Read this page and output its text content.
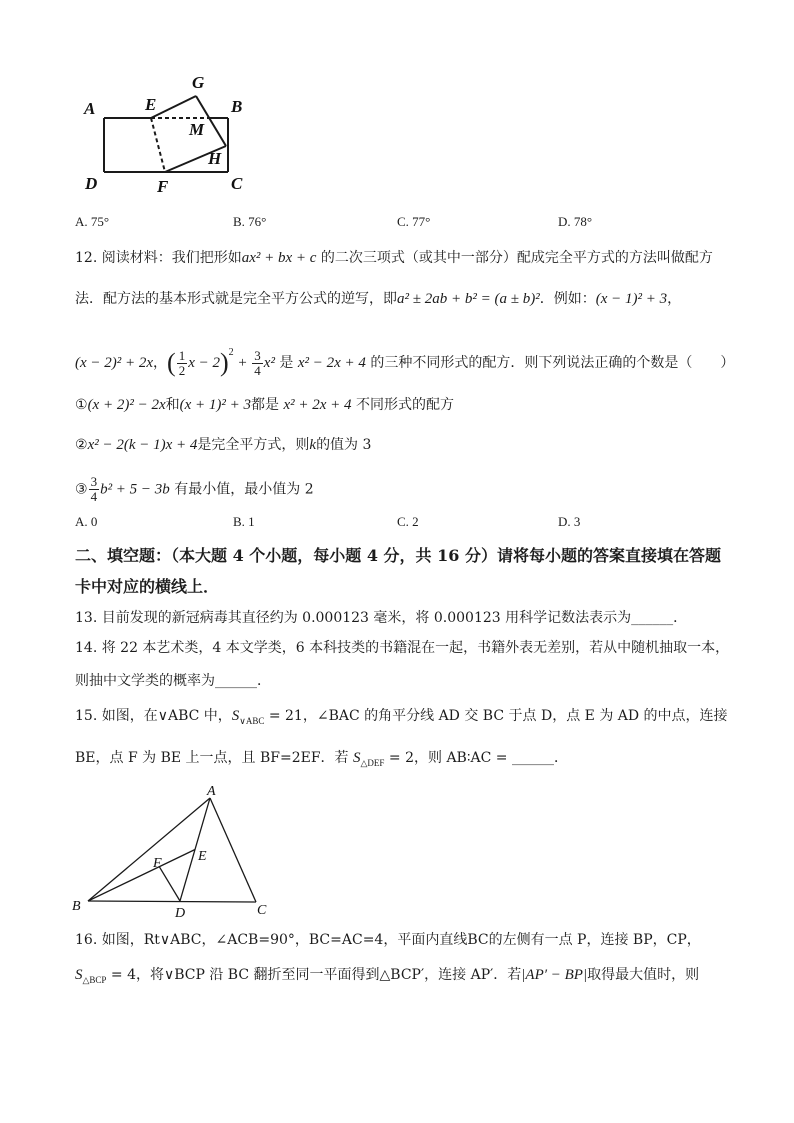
A	E
G
B
M
H
D	F	C
A. 75°	B. 76°	C. 77°	D. 78°
12. 阅读材料：我们把形如ax² + bx + c 的二次三项式（或其中一部分）配成完全平方式的方法叫做配方
法．配方法的基本形式就是完全平方公式的逆写，即a² ± 2ab + b² = (a ± b)²．例如：(x − 1)² + 3，
(x − 2)² + 2x，( $\frac{1}{2}$ $x - 2)^2 + \frac{3}{4} x^2$ 是 x² − 2x + 4 的三种不同形式的配方．则下列说法正确的个数是（　　）
①(x + 2)² − 2x和(x + 1)² + 3都是 x² + 2x + 4 不同形式的配方
②x² − 2(k − 1)x + 4是完全平方式，则k的值为 3
③ $\frac{3}{4} b^2 + 5 - 3b$ 有最小值，最小值为 2
A. 0	B. 1	C. 2	D. 3
二、填空题：（本大题 4 个小题，每小题 4 分，共 16 分）请将每小题的答案直接填在答题
卡中对应的横线上．
13. 目前发现的新冠病毒其直径约为 0.000123 毫米，将 0.000123 用科学记数法表示为______．
14. 将 22 本艺术类，4 本文学类，6 本科技类的书籍混在一起，书籍外表无差别，若从中随机抽取一本，
则抽中文学类的概率为______．
15. 如图，在∨ABC 中，$S_{\vee ABC} = 21$，∠BAC 的角平分线 AD 交 BC 于点 D，点 E 为 AD 的中点，连接
BE，点 F 为 BE 上一点，且 BF=2EF．若 $S_{\triangle DEF} = 2$，则 AB∶AC = ______．
A
B	C
D
E
F
16. 如图，Rt∨ABC，∠ACB=90°，BC=AC=4，平面内直线BC的左侧有一点 P，连接 BP，CP，
$S_{\triangle BCP} = 4$，将∨BCP 沿 BC 翻折至同一平面得到△BCP′，连接 AP′．若|AP′ − BP|取得最大值时，则
